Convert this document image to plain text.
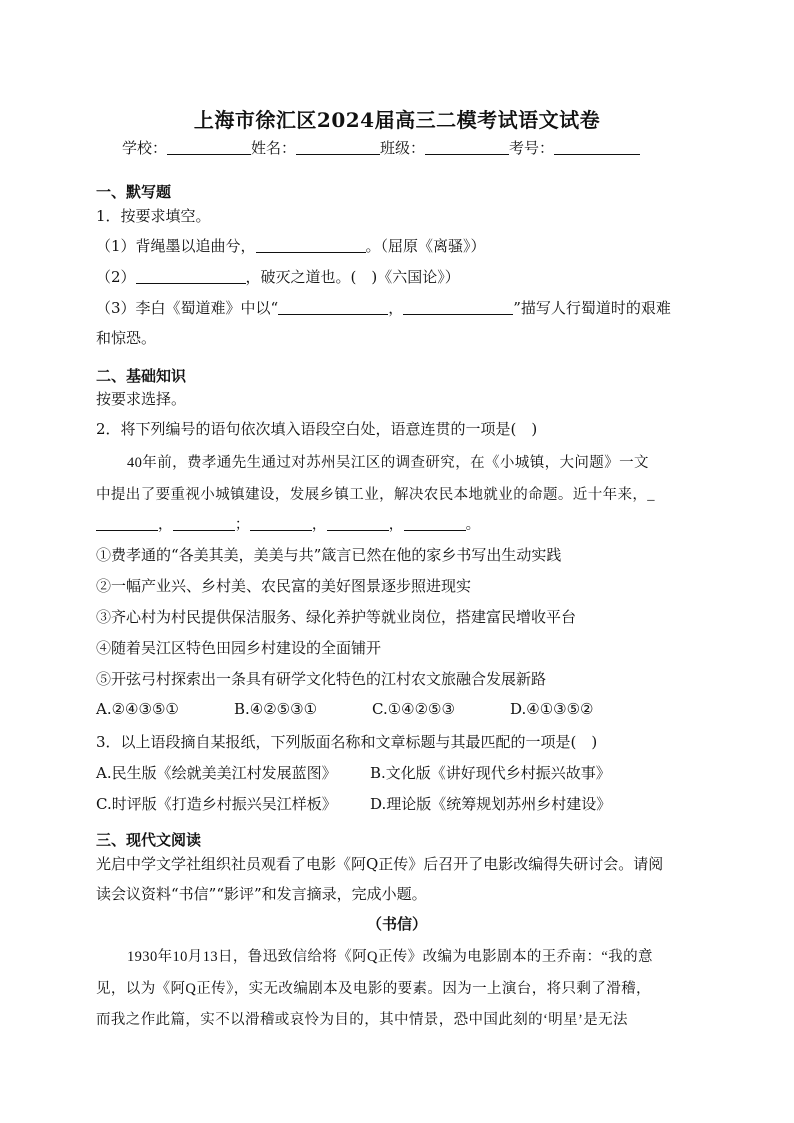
上海市徐汇区2024届高三二模考试语文试卷
学校：	姓名：	班级：	考号：
一、默写题
1．按要求填空。
（1）背绳墨以追曲兮，	。（屈原《离骚》）
（2）	，破灭之道也。(　)《六国论》）
（3）李白《蜀道难》中以“	，	”描写人行蜀道时的艰难
和惊恐。
二、基础知识
按要求选择。
2．将下列编号的语句依次填入语段空白处，语意连贯的一项是(　)
40年前，费孝通先生通过对苏州吴江区的调查研究，在《小城镇，大问题》一文
中提出了要重视小城镇建设，发展乡镇工业，解决农民本地就业的命题。近十年来，_
，	；	，	，	。
①费孝通的“各美其美，美美与共”箴言已然在他的家乡书写出生动实践
②一幅产业兴、乡村美、农民富的美好图景逐步照进现实
③齐心村为村民提供保洁服务、绿化养护等就业岗位，搭建富民增收平台
④随着吴江区特色田园乡村建设的全面铺开
⑤开弦弓村探索出一条具有研学文化特色的江村农文旅融合发展新路
A.②④③⑤①	B.④②⑤③①	C.①④②⑤③	D.④①③⑤②
3．以上语段摘自某报纸，下列版面名称和文章标题与其最匹配的一项是(　)
A.民生版《绘就美美江村发展蓝图》 B.文化版《讲好现代乡村振兴故事》
C.时评版《打造乡村振兴吴江样板》 D.理论版《统筹规划苏州乡村建设》
三、现代文阅读
光启中学文学社组织社员观看了电影《阿Q正传》后召开了电影改编得失研讨会。请阅
读会议资料“书信”“影评”和发言摘录，完成小题。
（书信）
1930年10月13日，鲁迅致信给将《阿Q正传》改编为电影剧本的王乔南：“我的意
见，以为《阿Q正传》，实无改编剧本及电影的要素。因为一上演台，将只剩了滑稽，
而我之作此篇，实不以滑稽或哀怜为目的，其中情景，恐中国此刻的‘明星’是无法
